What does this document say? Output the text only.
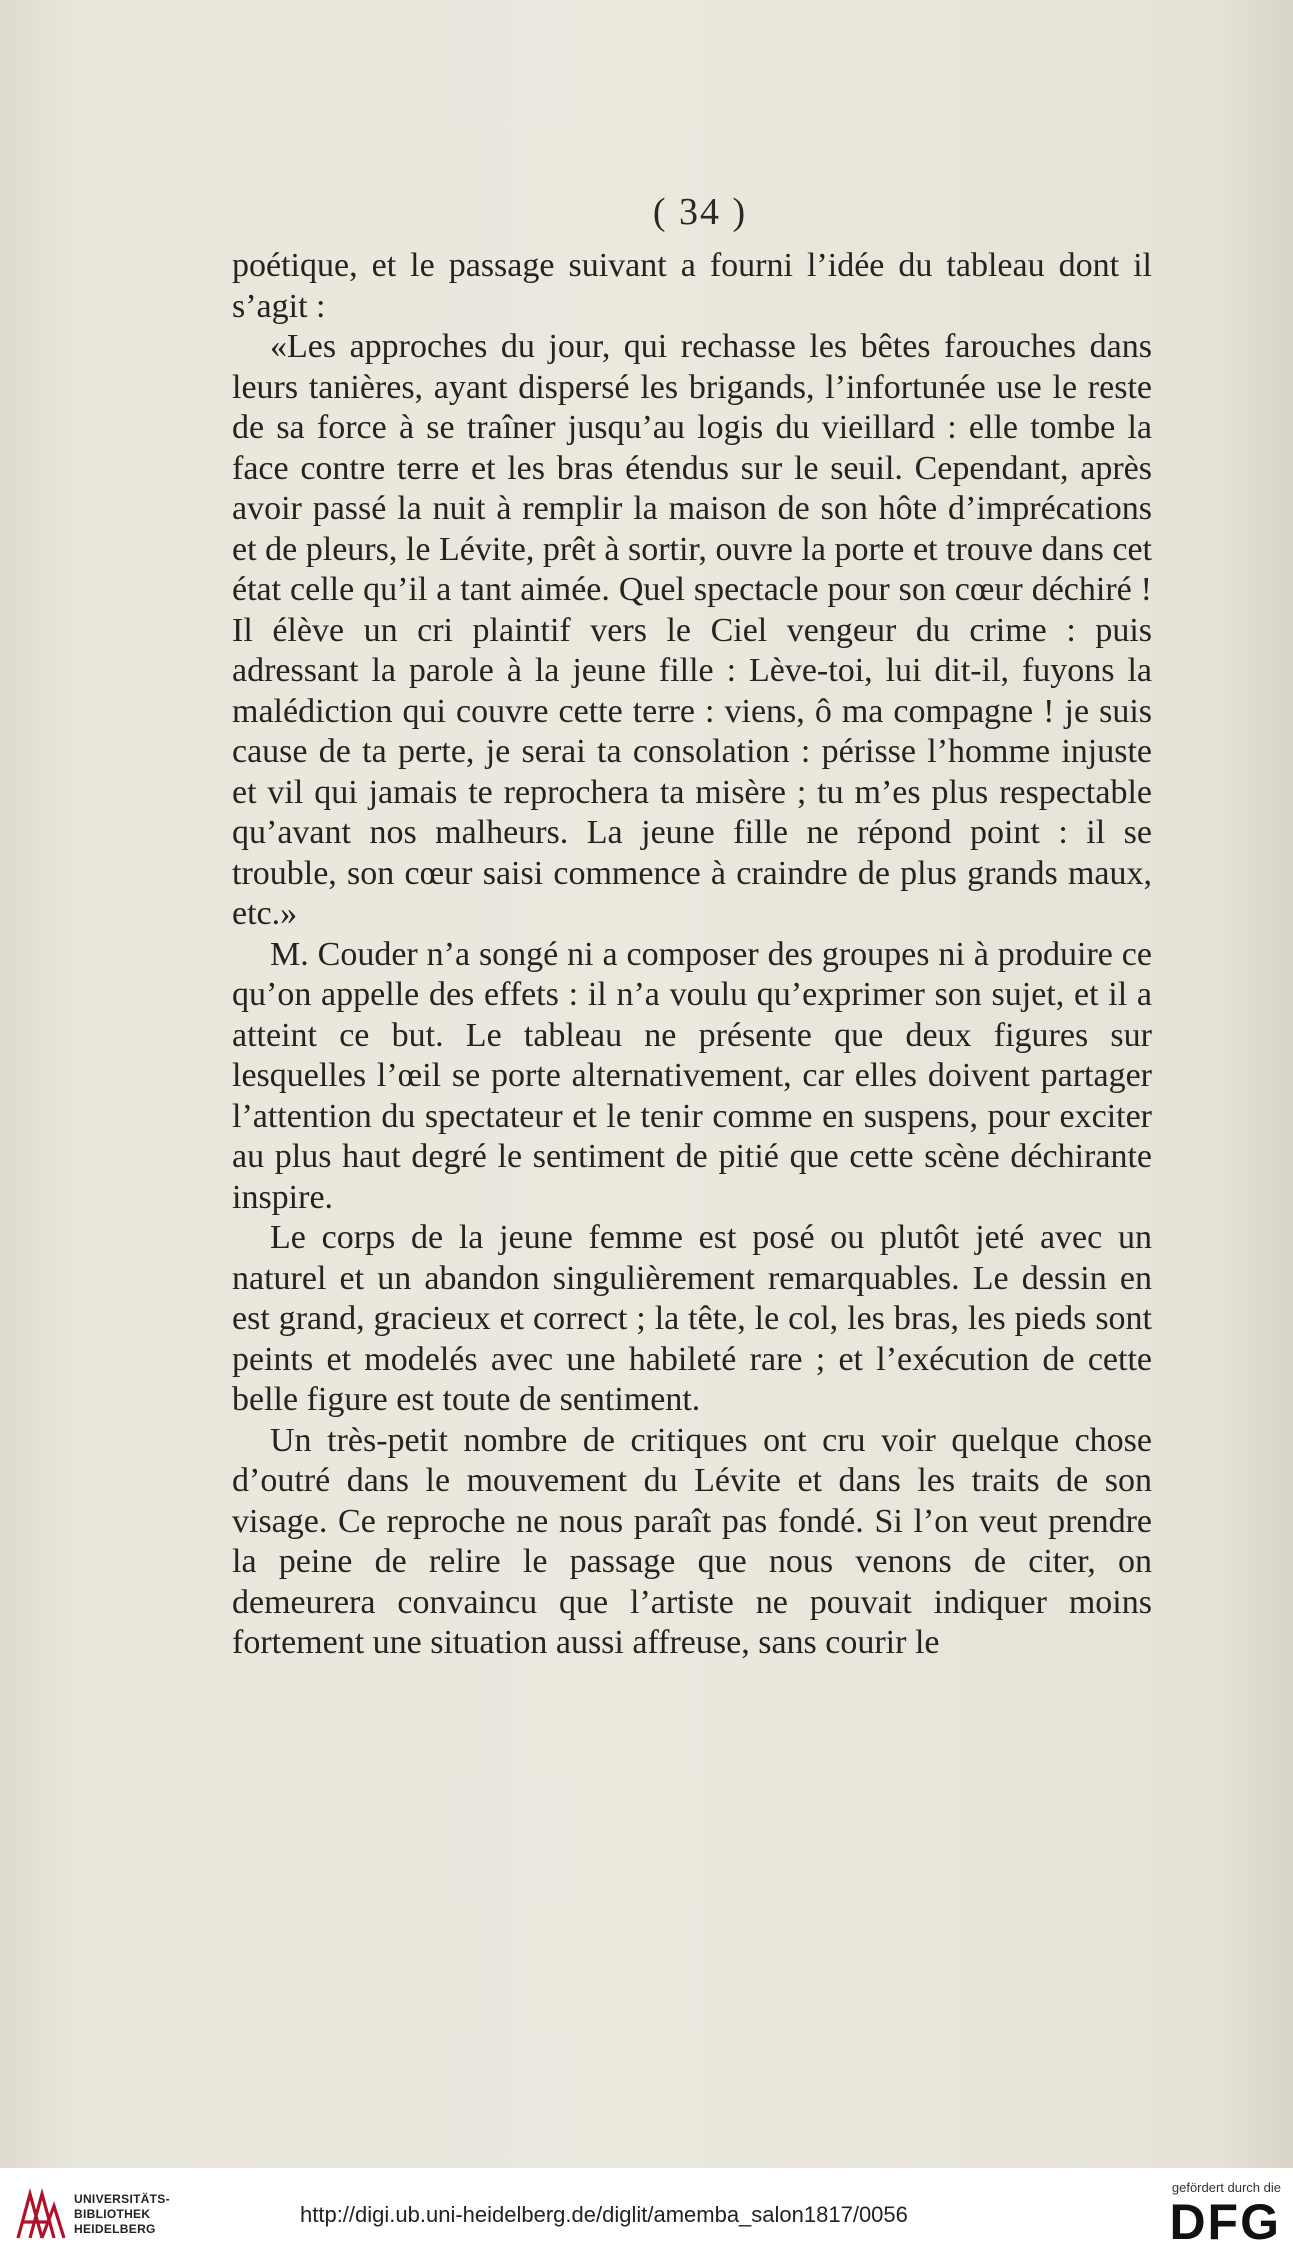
( 34 )

poétique, et le passage suivant a fourni l’idée du tableau dont il s’agit :

«Les approches du jour, qui rechasse les bêtes farouches dans leurs tanières, ayant dispersé les brigands, l’infortunée use le reste de sa force à se traîner jusqu’au logis du vieillard : elle tombe la face contre terre et les bras étendus sur le seuil. Cependant, après avoir passé la nuit à remplir la maison de son hôte d’imprécations et de pleurs, le Lévite, prêt à sortir, ouvre la porte et trouve dans cet état celle qu’il a tant aimée. Quel spectacle pour son cœur déchiré ! Il élève un cri plaintif vers le Ciel vengeur du crime : puis adressant la parole à la jeune fille : Lève-toi, lui dit-il, fuyons la malédiction qui couvre cette terre : viens, ô ma compagne ! je suis cause de ta perte, je serai ta consolation : périsse l’homme injuste et vil qui jamais te reprochera ta misère ; tu m’es plus respectable qu’avant nos malheurs. La jeune fille ne répond point : il se trouble, son cœur saisi commence à craindre de plus grands maux, etc.»

M. Couder n’a songé ni a composer des groupes ni à produire ce qu’on appelle des effets : il n’a voulu qu’exprimer son sujet, et il a atteint ce but. Le tableau ne présente que deux figures sur lesquelles l’œil se porte alternativement, car elles doivent partager l’attention du spectateur et le tenir comme en suspens, pour exciter au plus haut degré le sentiment de pitié que cette scène déchirante inspire.

Le corps de la jeune femme est posé ou plutôt jeté avec un naturel et un abandon singulièrement remarquables. Le dessin en est grand, gracieux et correct ; la tête, le col, les bras, les pieds sont peints et modelés avec une habileté rare ; et l’exécution de cette belle figure est toute de sentiment.

Un très-petit nombre de critiques ont cru voir quelque chose d’outré dans le mouvement du Lévite et dans les traits de son visage. Ce reproche ne nous paraît pas fondé. Si l’on veut prendre la peine de relire le passage que nous venons de citer, on demeurera convaincu que l’artiste ne pouvait indiquer moins fortement une situation aussi affreuse, sans courir le

UNIVERSITÄTS-
BIBLIOTHEK
HEIDELBERG
http://digi.ub.uni-heidelberg.de/diglit/amemba_salon1817/0056
gefördert durch die
DFG
